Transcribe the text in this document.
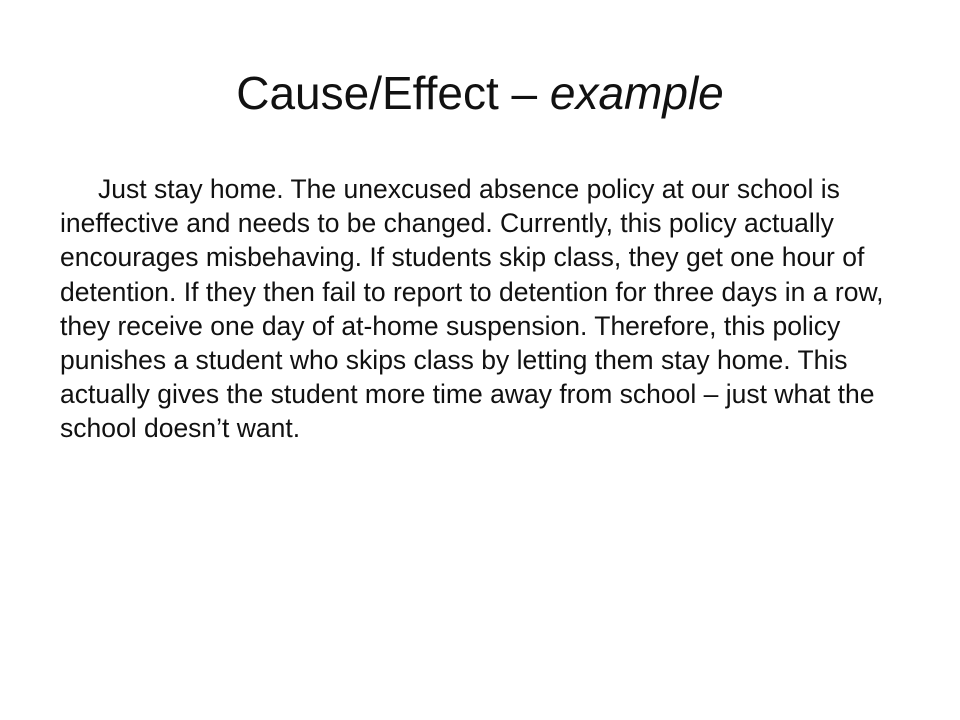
Cause/Effect – example

Just stay home. The unexcused absence policy at our school is ineffective and needs to be changed. Currently, this policy actually encourages misbehaving. If students skip class, they get one hour of detention. If they then fail to report to detention for three days in a row, they receive one day of at-home suspension. Therefore, this policy punishes a student who skips class by letting them stay home. This actually gives the student more time away from school – just what the school doesn’t want.
